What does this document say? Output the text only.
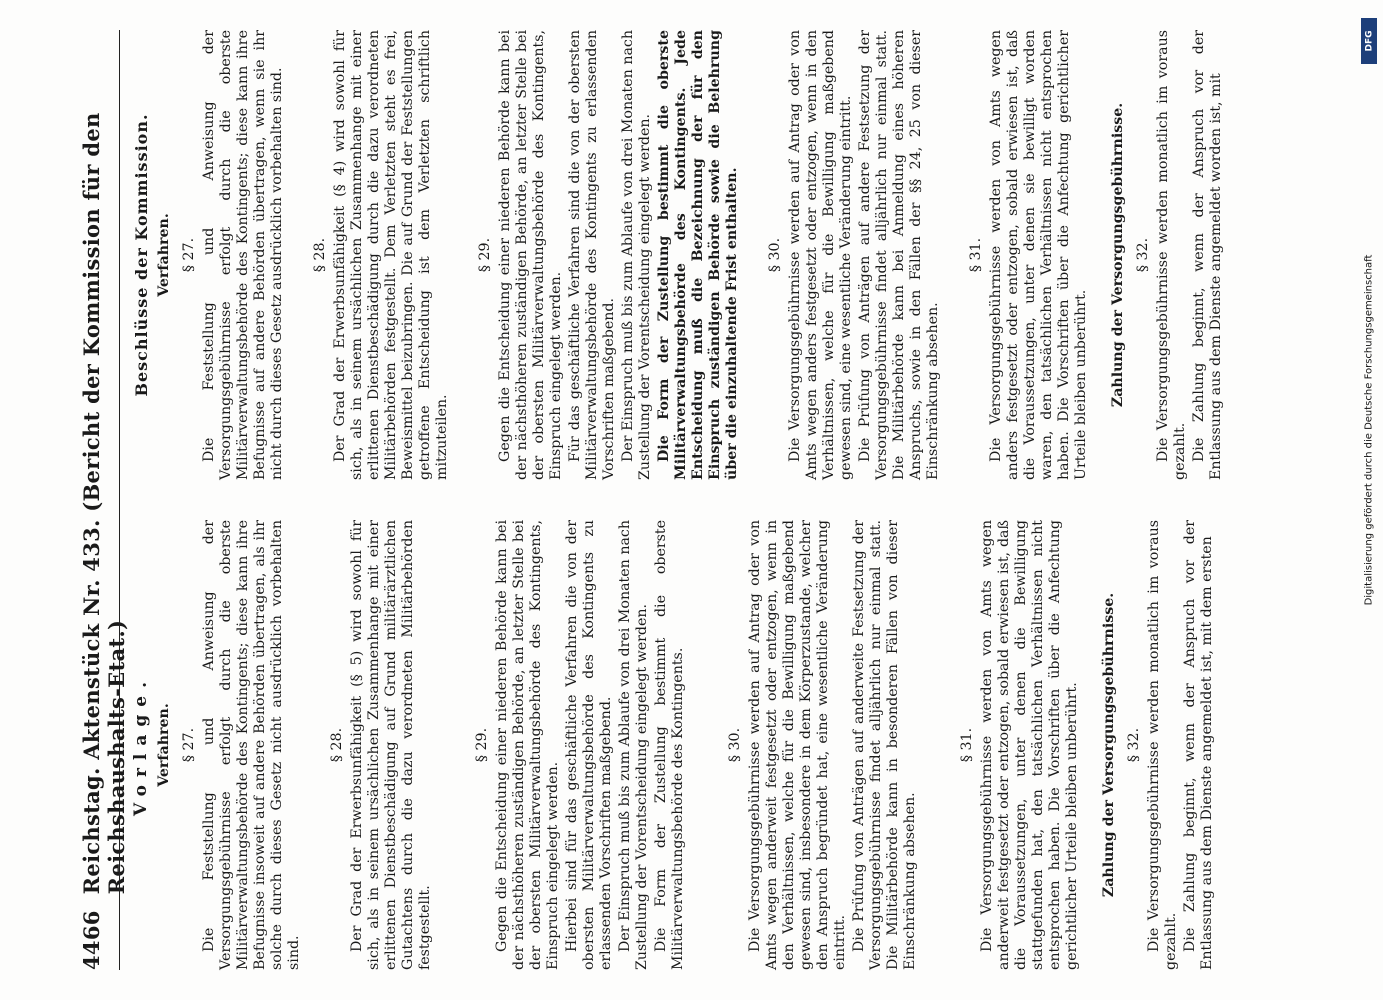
4466
Reichstag. Aktenstück Nr. 433. (Bericht der Kommission für den Reichshaushalts-Etat.) Vorlage. Verfahren. § 27. Die Feststellung und Anweisung der Versorgungsgebührnisse erfolgt durch die oberste Militärverwaltungsbehörde des Kontingents; diese kann ihre Befugnisse insoweit auf andere Behörden übertragen, als ihr solche durch dieses Gesetz nicht ausdrücklich vorbehalten sind.

§ 28. Der Grad der Erwerbsunfähigkeit (§ 5) wird sowohl für sich, als in seinem ursächlichen Zusammenhange mit einer erlittenen Dienstbeschädigung auf Grund militärärztlichen Gutachtens durch die dazu verordneten Militärbehörden festgestellt.

§ 29. Gegen die Entscheidung einer niederen Behörde kann bei der nächsthöheren zuständigen Behörde, an letzter Stelle bei der obersten Militärverwaltungsbehörde des Kontingents, Einspruch eingelegt werden. Hierbei sind für das geschäftliche Verfahren die von der obersten Militärverwaltungsbehörde des Kontingents zu erlassenden Vorschriften maßgebend. Der Einspruch muß bis zum Ablaufe von drei Monaten nach Zustellung der Vorentscheidung eingelegt werden. Die Form der Zustellung bestimmt die oberste Militärverwaltungsbehörde des Kontingents.	§ 30. Die Versorgungsgebührnisse werden auf Antrag oder von Amts wegen anderweit festgesetzt oder entzogen, wenn in den Verhältnissen, welche für die Bewilligung maßgebend gewesen sind, insbesondere in dem Körperzustande, welcher den Anspruch begründet hat, eine wesentliche Veränderung eintritt. Die Prüfung von Anträgen auf anderweite Festsetzung der Versorgungsgebührnisse findet alljährlich nur einmal statt. Die Militärbehörde kann in besonderen Fällen von dieser Einschränkung absehen.

§ 31. Die Versorgungsgebührnisse werden von Amts wegen anderweit festgesetzt oder entzogen, sobald erwiesen ist, daß die Voraussetzungen, unter denen die Bewilligung stattgefunden hat, den tatsächlichen Verhältnissen nicht entsprochen haben. Die Vorschriften über die Anfechtung gerichtlicher Urteile bleiben unberührt. Zahlung der Versorgungsgebührnisse. § 32. Die Versorgungsgebührnisse werden monatlich im voraus gezahlt. Die Zahlung beginnt, wenn der Anspruch vor der Entlassung aus dem Dienste angemeldet ist, mit dem ersten

Beschlüsse der Kommission. Verfahren. § 27. Die Feststellung und Anweisung der Versorgungsgebührnisse erfolgt durch die oberste Militärverwaltungsbehörde des Kontingents; diese kann ihre Befugnisse auf andere Behörden übertragen, wenn sie ihr nicht durch dieses Gesetz ausdrücklich vorbehalten sind. § 28. Der Grad der Erwerbsunfähigkeit (§ 4) wird sowohl für sich, als in seinem ursächlichen Zusammenhange mit einer erlittenen Dienstbeschädigung durch die dazu verordneten Militärbehörden festgestellt. Dem Verletzten steht es frei, Beweismittel beizubringen. Die auf Grund der Feststellungen getroffene Entscheidung ist dem Verletzten schriftlich mitzuteilen.

§ 29. Gegen die Entscheidung einer niederen Behörde kann bei der nächsthöheren zuständigen Behörde, an letzter Stelle bei der obersten Militärverwaltungsbehörde des Kontingents, Einspruch eingelegt werden. Für das geschäftliche Verfahren sind die von der obersten Militärverwaltungsbehörde des Kontingents zu erlassenden Vorschriften maßgebend. Der Einspruch muß bis zum Ablaufe von drei Monaten nach Zustellung der Vorentscheidung eingelegt werden. Die Form der Zustellung bestimmt die oberste Militärverwaltungsbehörde des Kontingents. Jede Entscheidung muß die Bezeichnung der für den Einspruch zuständigen Behörde sowie die Belehrung über die einzuhaltende Frist enthalten. § 30. Die Versorgungsgebührnisse werden auf Antrag oder von Amts wegen anders festgesetzt oder entzogen, wenn in den Verhältnissen, welche für die Bewilligung maßgebend gewesen sind, eine wesentliche Veränderung eintritt. Die Prüfung von Anträgen auf andere Festsetzung der Versorgungsgebührnisse findet alljährlich nur einmal statt. Die Militärbehörde kann bei Anmeldung eines höheren Anspruchs, sowie in den Fällen der §§ 24, 25 von dieser Einschränkung absehen.

§ 31. Die Versorgungsgebührnisse werden von Amts wegen anders festgesetzt oder entzogen, sobald erwiesen ist, daß die Voraussetzungen, unter denen sie bewilligt worden waren, den tatsächlichen Verhältnissen nicht entsprochen haben. Die Vorschriften über die Anfechtung gerichtlicher Urteile bleiben unberührt. Zahlung der Versorgungsgebührnisse. § 32. Die Versorgungsgebührnisse werden monatlich im voraus gezahlt. Die Zahlung beginnt, wenn der Anspruch vor der Entlassung aus dem Dienste angemeldet worden ist, mit

DFG
Digitalisierung gefördert durch die Deutsche Forschungsgemeinschaft
